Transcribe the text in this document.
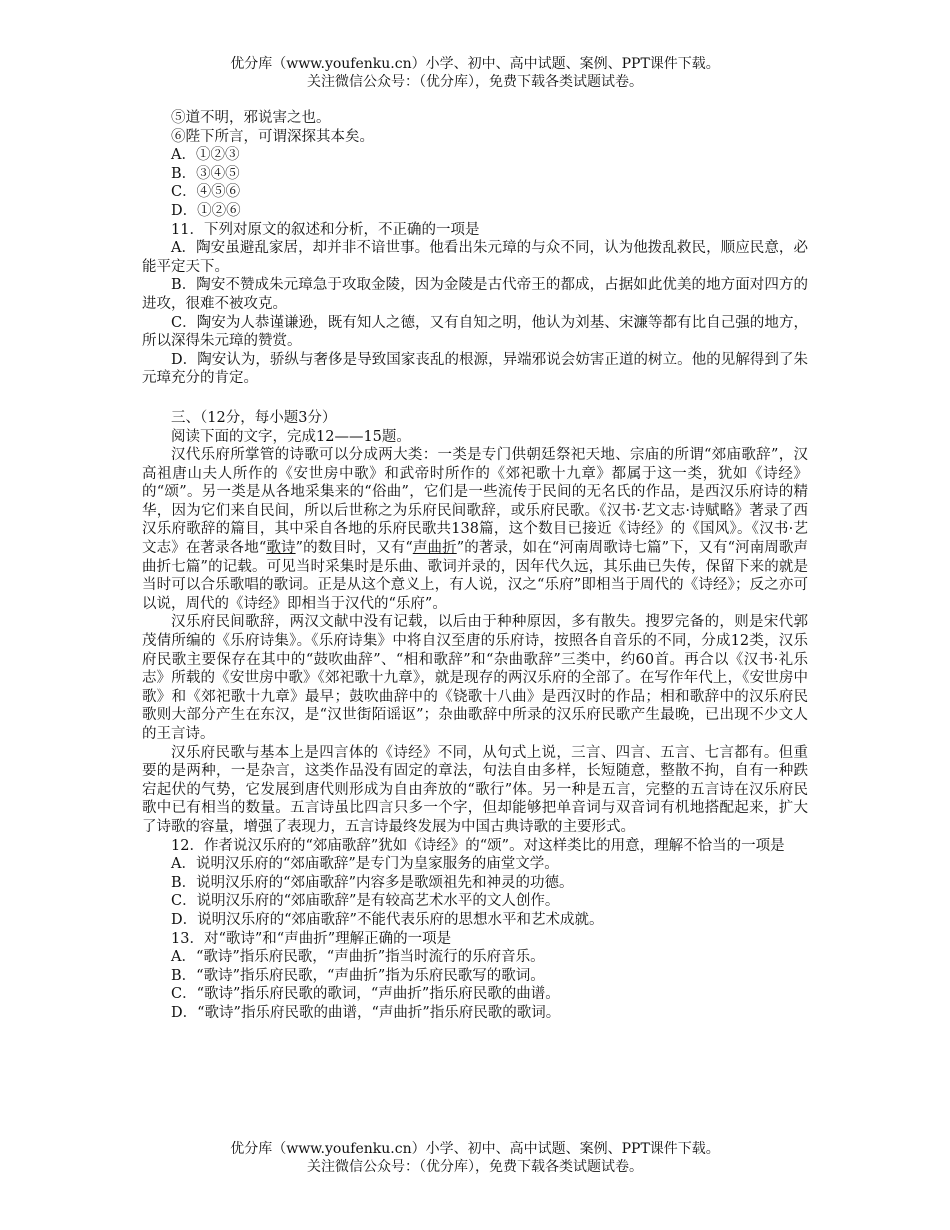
优分库（www.youfenku.cn）小学、初中、高中试题、案例、PPT课件下载。
关注微信公众号：（优分库），免费下载各类试题试卷。

⑤道不明，邪说害之也。

⑥陛下所言，可谓深探其本矣。

A．①②③

B．③④⑤

C．④⑤⑥

D．①②⑥

11．下列对原文的叙述和分析，不正确的一项是

A．陶安虽避乱家居，却并非不谙世事。他看出朱元璋的与众不同，认为他拨乱救民，顺应民意，必能平定天下。

B．陶安不赞成朱元璋急于攻取金陵，因为金陵是古代帝王的都成，占据如此优美的地方面对四方的进攻，很难不被攻克。

C．陶安为人恭谨谦逊，既有知人之德，又有自知之明，他认为刘基、宋濂等都有比自己强的地方，所以深得朱元璋的赞赏。

D．陶安认为，骄纵与奢侈是导致国家丧乱的根源，异端邪说会妨害正道的树立。他的见解得到了朱元璋充分的肯定。

三、（12分，每小题3分）

阅读下面的文字，完成12——15题。

汉代乐府所掌管的诗歌可以分成两大类：一类是专门供朝廷祭祀天地、宗庙的所谓“郊庙歌辞”，汉高祖唐山夫人所作的《安世房中歌》和武帝时所作的《郊祀歌十九章》都属于这一类，犹如《诗经》的“颂”。另一类是从各地采集来的“俗曲”，它们是一些流传于民间的无名氏的作品，是西汉乐府诗的精华，因为它们来自民间，所以后世称之为乐府民间歌辞，或乐府民歌。《汉书·艺文志·诗赋略》著录了西汉乐府歌辞的篇目，其中采自各地的乐府民歌共138篇，这个数目已接近《诗经》的《国风》。《汉书·艺文志》在著录各地“歌诗”的数目时，又有“声曲折”的著录，如在“河南周歌诗七篇”下，又有“河南周歌声曲折七篇”的记载。可见当时采集时是乐曲、歌词并录的，因年代久远，其乐曲已失传，保留下来的就是当时可以合乐歌唱的歌词。正是从这个意义上，有人说，汉之“乐府”即相当于周代的《诗经》；反之亦可以说，周代的《诗经》即相当于汉代的“乐府”。

汉乐府民间歌辞，两汉文献中没有记载，以后由于种种原因，多有散失。搜罗完备的，则是宋代郭茂倩所编的《乐府诗集》。《乐府诗集》中将自汉至唐的乐府诗，按照各自音乐的不同，分成12类，汉乐府民歌主要保存在其中的“鼓吹曲辞”、“相和歌辞”和“杂曲歌辞”三类中，约60首。再合以《汉书·礼乐志》所载的《安世房中歌》《郊祀歌十九章》，就是现存的两汉乐府的全部了。在写作年代上，《安世房中歌》和《郊祀歌十九章》最早；鼓吹曲辞中的《铙歌十八曲》是西汉时的作品；相和歌辞中的汉乐府民歌则大部分产生在东汉，是“汉世街陌谣讴”；杂曲歌辞中所录的汉乐府民歌产生最晚，已出现不少文人的王言诗。

汉乐府民歌与基本上是四言体的《诗经》不同，从句式上说，三言、四言、五言、七言都有。但重要的是两种，一是杂言，这类作品没有固定的章法，句法自由多样，长短随意，整散不拘，自有一种跌宕起伏的气势，它发展到唐代则形成为自由奔放的“歌行”体。另一种是五言，完整的五言诗在汉乐府民歌中已有相当的数量。五言诗虽比四言只多一个字，但却能够把单音词与双音词有机地搭配起来，扩大了诗歌的容量，增强了表现力，五言诗最终发展为中国古典诗歌的主要形式。

12．作者说汉乐府的“郊庙歌辞”犹如《诗经》的“颂”。对这样类比的用意，理解不恰当的一项是

A．说明汉乐府的“郊庙歌辞”是专门为皇家服务的庙堂文学。

B．说明汉乐府的“郊庙歌辞”内容多是歌颂祖先和神灵的功德。

C．说明汉乐府的“郊庙歌辞”是有较高艺术水平的文人创作。

D．说明汉乐府的“郊庙歌辞”不能代表乐府的思想水平和艺术成就。

13．对“歌诗”和“声曲折”理解正确的一项是

A．“歌诗”指乐府民歌，“声曲折”指当时流行的乐府音乐。

B．“歌诗”指乐府民歌，“声曲折”指为乐府民歌写的歌词。

C．“歌诗”指乐府民歌的歌词，“声曲折”指乐府民歌的曲谱。

D．“歌诗”指乐府民歌的曲谱，“声曲折”指乐府民歌的歌词。

优分库（www.youfenku.cn）小学、初中、高中试题、案例、PPT课件下载。
关注微信公众号：（优分库），免费下载各类试题试卷。
